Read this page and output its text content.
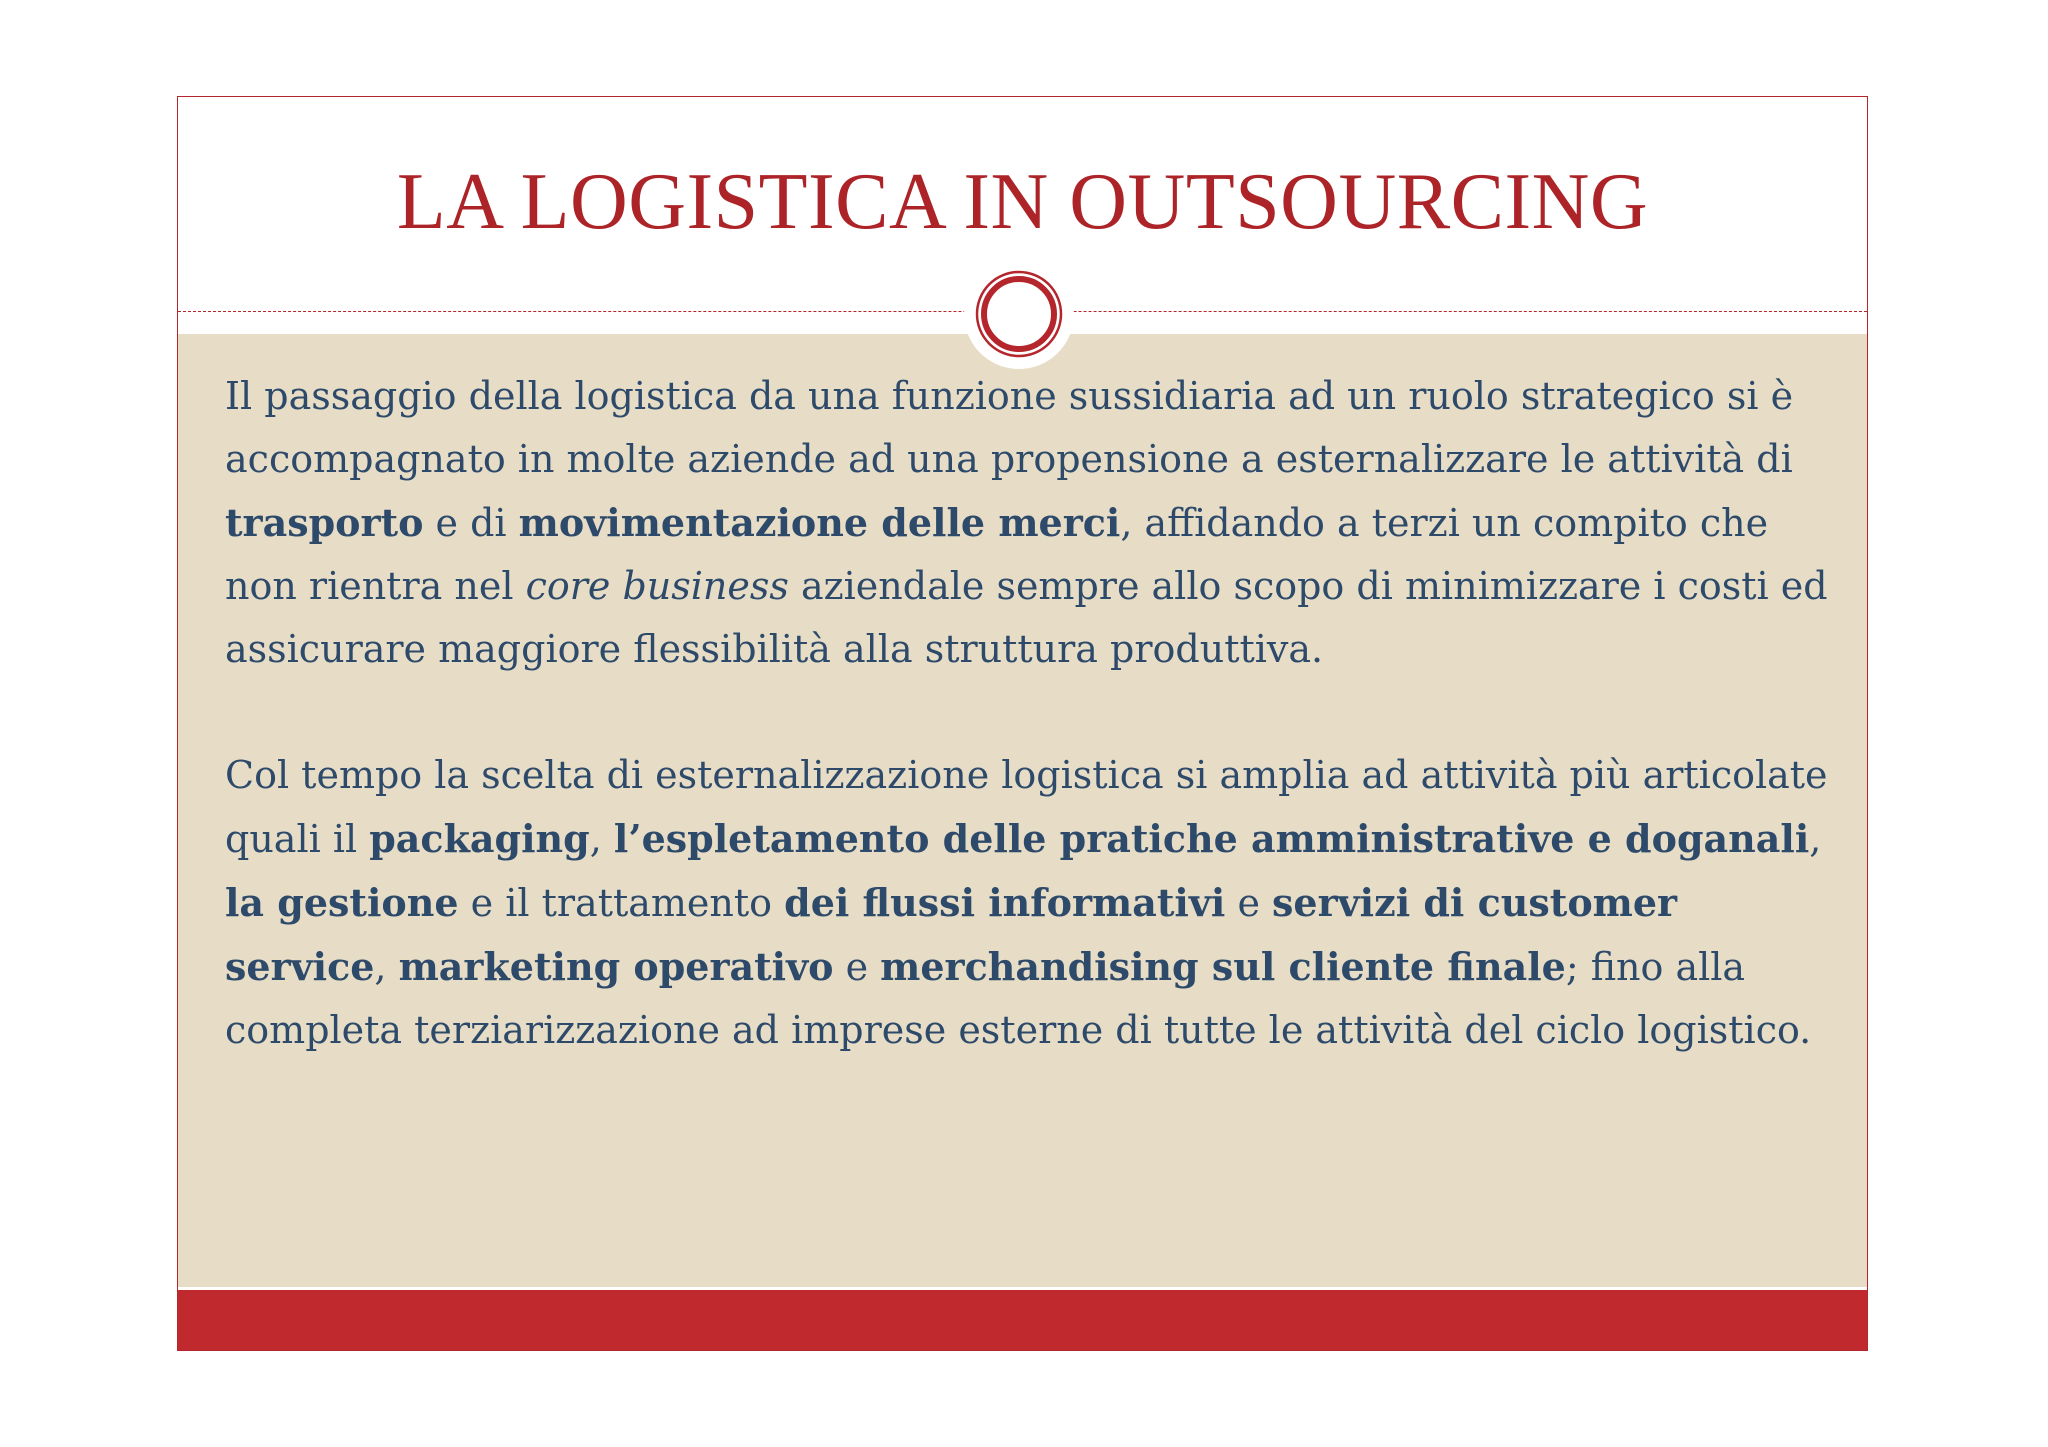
LA LOGISTICA IN OUTSOURCING

Il passaggio della logistica da una funzione sussidiaria ad un ruolo strategico si è accompagnato in molte aziende ad una propensione a esternalizzare le attività di trasporto e di movimentazione delle merci, affidando a terzi un compito che non rientra nel core business aziendale sempre allo scopo di minimizzare i costi ed assicurare maggiore flessibilità alla struttura produttiva.

Col tempo la scelta di esternalizzazione logistica si amplia ad attività più articolate quali il packaging, l’espletamento delle pratiche amministrative e doganali, la gestione e il trattamento dei flussi informativi e servizi di customer service, marketing operativo e merchandising sul cliente finale; fino alla completa terziarizzazione ad imprese esterne di tutte le attività del ciclo logistico.
